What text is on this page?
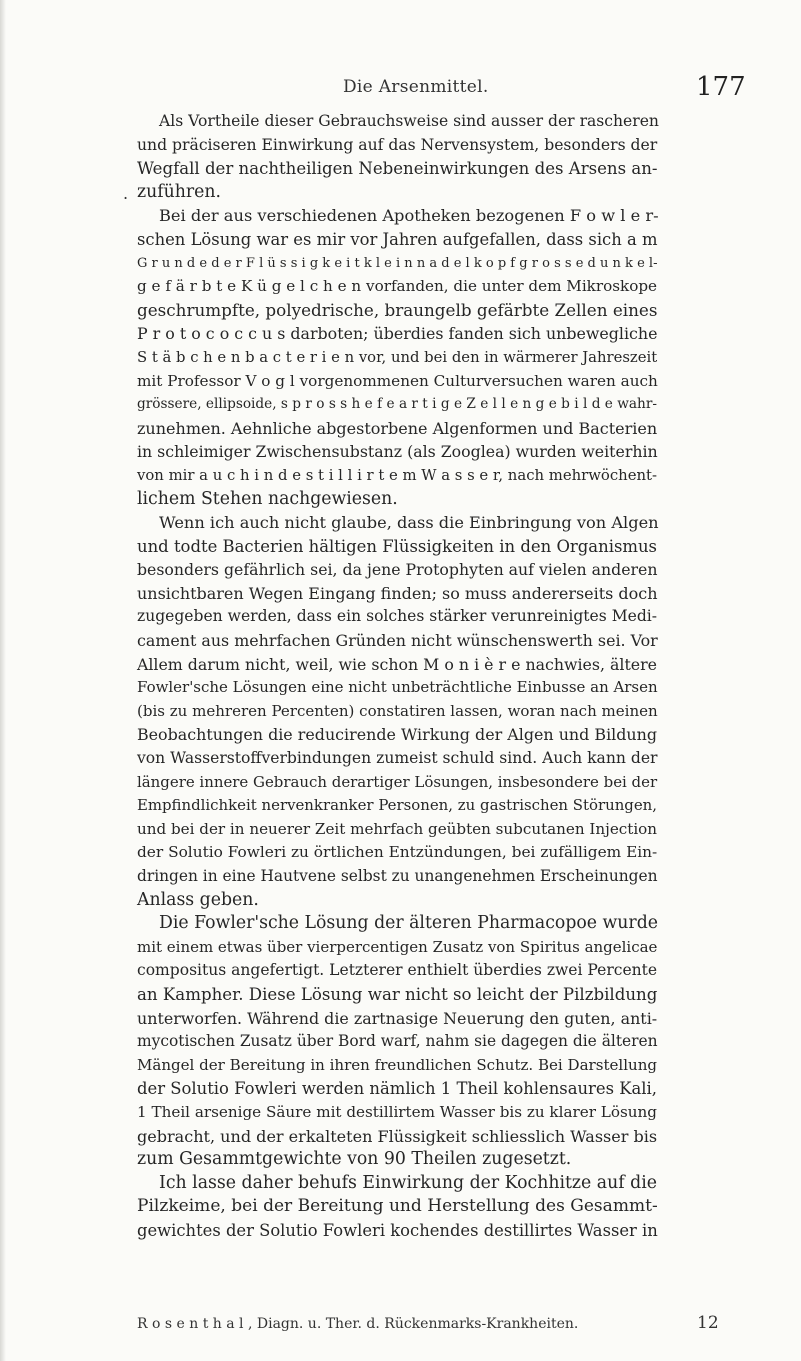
Die Arsenmittel.	177
.
Als Vortheile dieser Gebrauchsweise sind ausser der rascheren
und präciseren Einwirkung auf das Nervensystem, besonders der
Wegfall der nachtheiligen Nebeneinwirkungen des Arsens an-
zuführen.
Bei der aus verschiedenen Apotheken bezogenen F o w l e r-
schen Lösung war es mir vor Jahren aufgefallen, dass sich a m
G r u n d e d e r F l ü s s i g k e i t k l e i n n a d e l k o p f g r o s s e d u n k e l-
g e f ä r b t e K ü g e l c h e n vorfanden, die unter dem Mikroskope
geschrumpfte, polyedrische, braungelb gefärbte Zellen eines
P r o t o c o c c u s darboten; überdies fanden sich unbewegliche
S t ä b c h e n b a c t e r i e n vor, und bei den in wärmerer Jahreszeit
mit Professor V o g l vorgenommenen Culturversuchen waren auch
grössere, ellipsoide, s p r o s s h e f e a r t i g e Z e l l e n g e b i l d e wahr-
zunehmen. Aehnliche abgestorbene Algenformen und Bacterien
in schleimiger Zwischensubstanz (als Zooglea) wurden weiterhin
von mir a u c h i n d e s t i l l i r t e m W a s s e r, nach mehrwöchent-
lichem Stehen nachgewiesen.
Wenn ich auch nicht glaube, dass die Einbringung von Algen
und todte Bacterien hältigen Flüssigkeiten in den Organismus
besonders gefährlich sei, da jene Protophyten auf vielen anderen
unsichtbaren Wegen Eingang finden; so muss andererseits doch
zugegeben werden, dass ein solches stärker verunreinigtes Medi-
cament aus mehrfachen Gründen nicht wünschenswerth sei. Vor
Allem darum nicht, weil, wie schon M o n i è r e nachwies, ältere
Fowler'sche Lösungen eine nicht unbeträchtliche Einbusse an Arsen
(bis zu mehreren Percenten) constatiren lassen, woran nach meinen
Beobachtungen die reducirende Wirkung der Algen und Bildung
von Wasserstoffverbindungen zumeist schuld sind. Auch kann der
längere innere Gebrauch derartiger Lösungen, insbesondere bei der
Empfindlichkeit nervenkranker Personen, zu gastrischen Störungen,
und bei der in neuerer Zeit mehrfach geübten subcutanen Injection
der Solutio Fowleri zu örtlichen Entzündungen, bei zufälligem Ein-
dringen in eine Hautvene selbst zu unangenehmen Erscheinungen
Anlass geben.
Die Fowler'sche Lösung der älteren Pharmacopoe wurde
mit einem etwas über vierpercentigen Zusatz von Spiritus angelicae
compositus angefertigt. Letzterer enthielt überdies zwei Percente
an Kampher. Diese Lösung war nicht so leicht der Pilzbildung
unterworfen. Während die zartnasige Neuerung den guten, anti-
mycotischen Zusatz über Bord warf, nahm sie dagegen die älteren
Mängel der Bereitung in ihren freundlichen Schutz. Bei Darstellung
der Solutio Fowleri werden nämlich 1 Theil kohlensaures Kali,
1 Theil arsenige Säure mit destillirtem Wasser bis zu klarer Lösung
gebracht, und der erkalteten Flüssigkeit schliesslich Wasser bis
zum Gesammtgewichte von 90 Theilen zugesetzt.
Ich lasse daher behufs Einwirkung der Kochhitze auf die
Pilzkeime, bei der Bereitung und Herstellung des Gesammt-
gewichtes der Solutio Fowleri kochendes destillirtes Wasser in
R o s e n t h a l , Diagn. u. Ther. d. Rückenmarks-Krankheiten.	12
